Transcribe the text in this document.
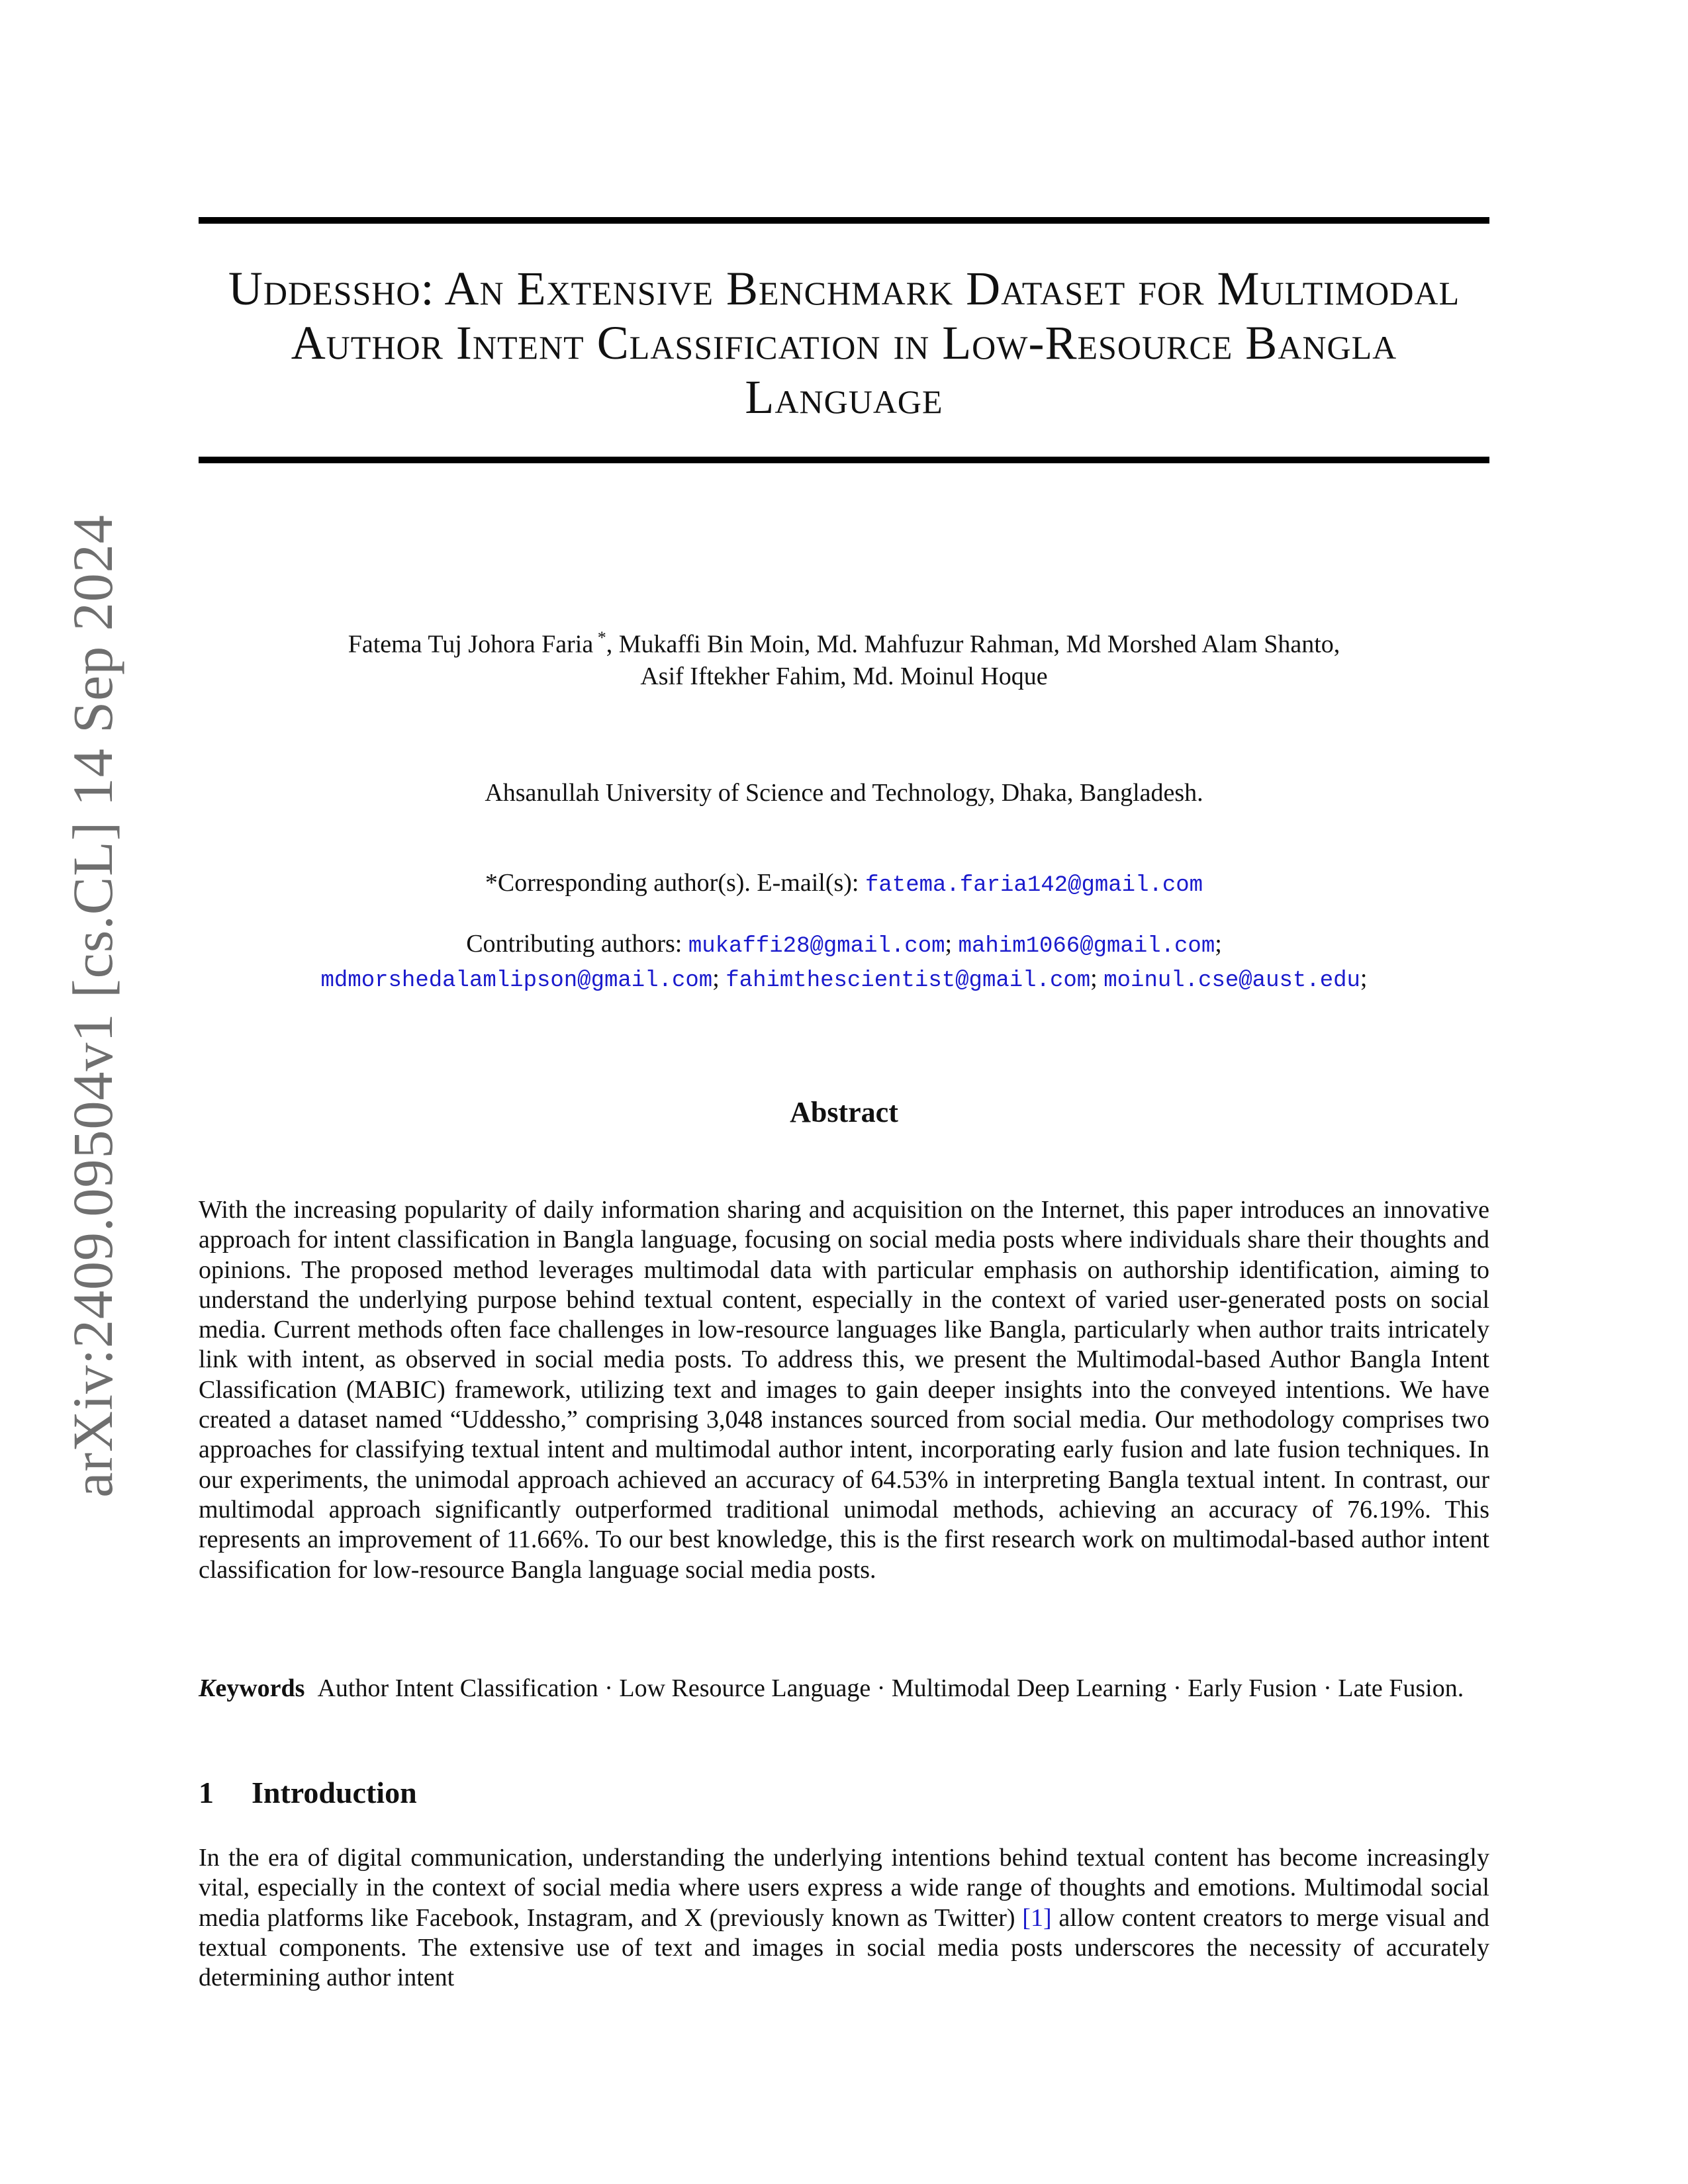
arXiv:2409.09504v1 [cs.CL] 14 Sep 2024
Uddessho: An Extensive Benchmark Dataset for Multimodal Author Intent Classification in Low-Resource Bangla Language
Fatema Tuj Johora Faria *, Mukaffi Bin Moin, Md. Mahfuzur Rahman, Md Morshed Alam Shanto,
Asif Iftekher Fahim, Md. Moinul Hoque
Ahsanullah University of Science and Technology, Dhaka, Bangladesh.
*Corresponding author(s). E-mail(s): fatema.faria142@gmail.com
Contributing authors: mukaffi28@gmail.com; mahim1066@gmail.com;
mdmorshedalamlipson@gmail.com; fahimthescientist@gmail.com; moinul.cse@aust.edu;
Abstract
With the increasing popularity of daily information sharing and acquisition on the Internet, this paper introduces an innovative approach for intent classification in Bangla language, focusing on social media posts where individuals share their thoughts and opinions. The proposed method leverages multimodal data with particular emphasis on authorship identification, aiming to understand the underlying purpose behind textual content, especially in the context of varied user-generated posts on social media. Current methods often face challenges in low-resource languages like Bangla, particularly when author traits intricately link with intent, as observed in social media posts. To address this, we present the Multimodal-based Author Bangla Intent Classification (MABIC) framework, utilizing text and images to gain deeper insights into the conveyed intentions. We have created a dataset named “Uddessho,” comprising 3,048 instances sourced from social media. Our methodology comprises two approaches for classifying textual intent and multimodal author intent, incorporating early fusion and late fusion techniques. In our experiments, the unimodal approach achieved an accuracy of 64.53% in interpreting Bangla textual intent. In contrast, our multimodal approach significantly outperformed traditional unimodal methods, achieving an accuracy of 76.19%. This represents an improvement of 11.66%. To our best knowledge, this is the first research work on multimodal-based author intent classification for low-resource Bangla language social media posts.
Keywords Author Intent Classification · Low Resource Language · Multimodal Deep Learning · Early Fusion · Late Fusion.
1 Introduction
In the era of digital communication, understanding the underlying intentions behind textual content has become increasingly vital, especially in the context of social media where users express a wide range of thoughts and emotions. Multimodal social media platforms like Facebook, Instagram, and X (previously known as Twitter) [1] allow content creators to merge visual and textual components. The extensive use of text and images in social media posts underscores the necessity of accurately determining author intent
